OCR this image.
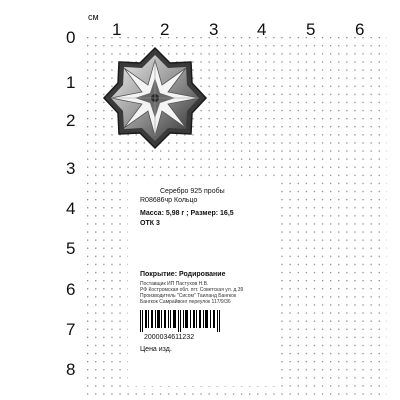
см
1 2 3 4 5 6
0
1
2
3
4
5
6
7
8
Серебро 925 пробы
R08686чр Кольцо
Масса: 5,98 г ; Размер: 16,5
ОТК 3
Покрытие: Родирование
Поставщик ИП Пастухов Н.В.
РФ Костромская обл. пгт. Советская ул. д.39
Производитель "Сисом" Таиланд Бангкок
Бангкок Самрайвонг переулок 117/9/36
2000034611232
Цена изд.
